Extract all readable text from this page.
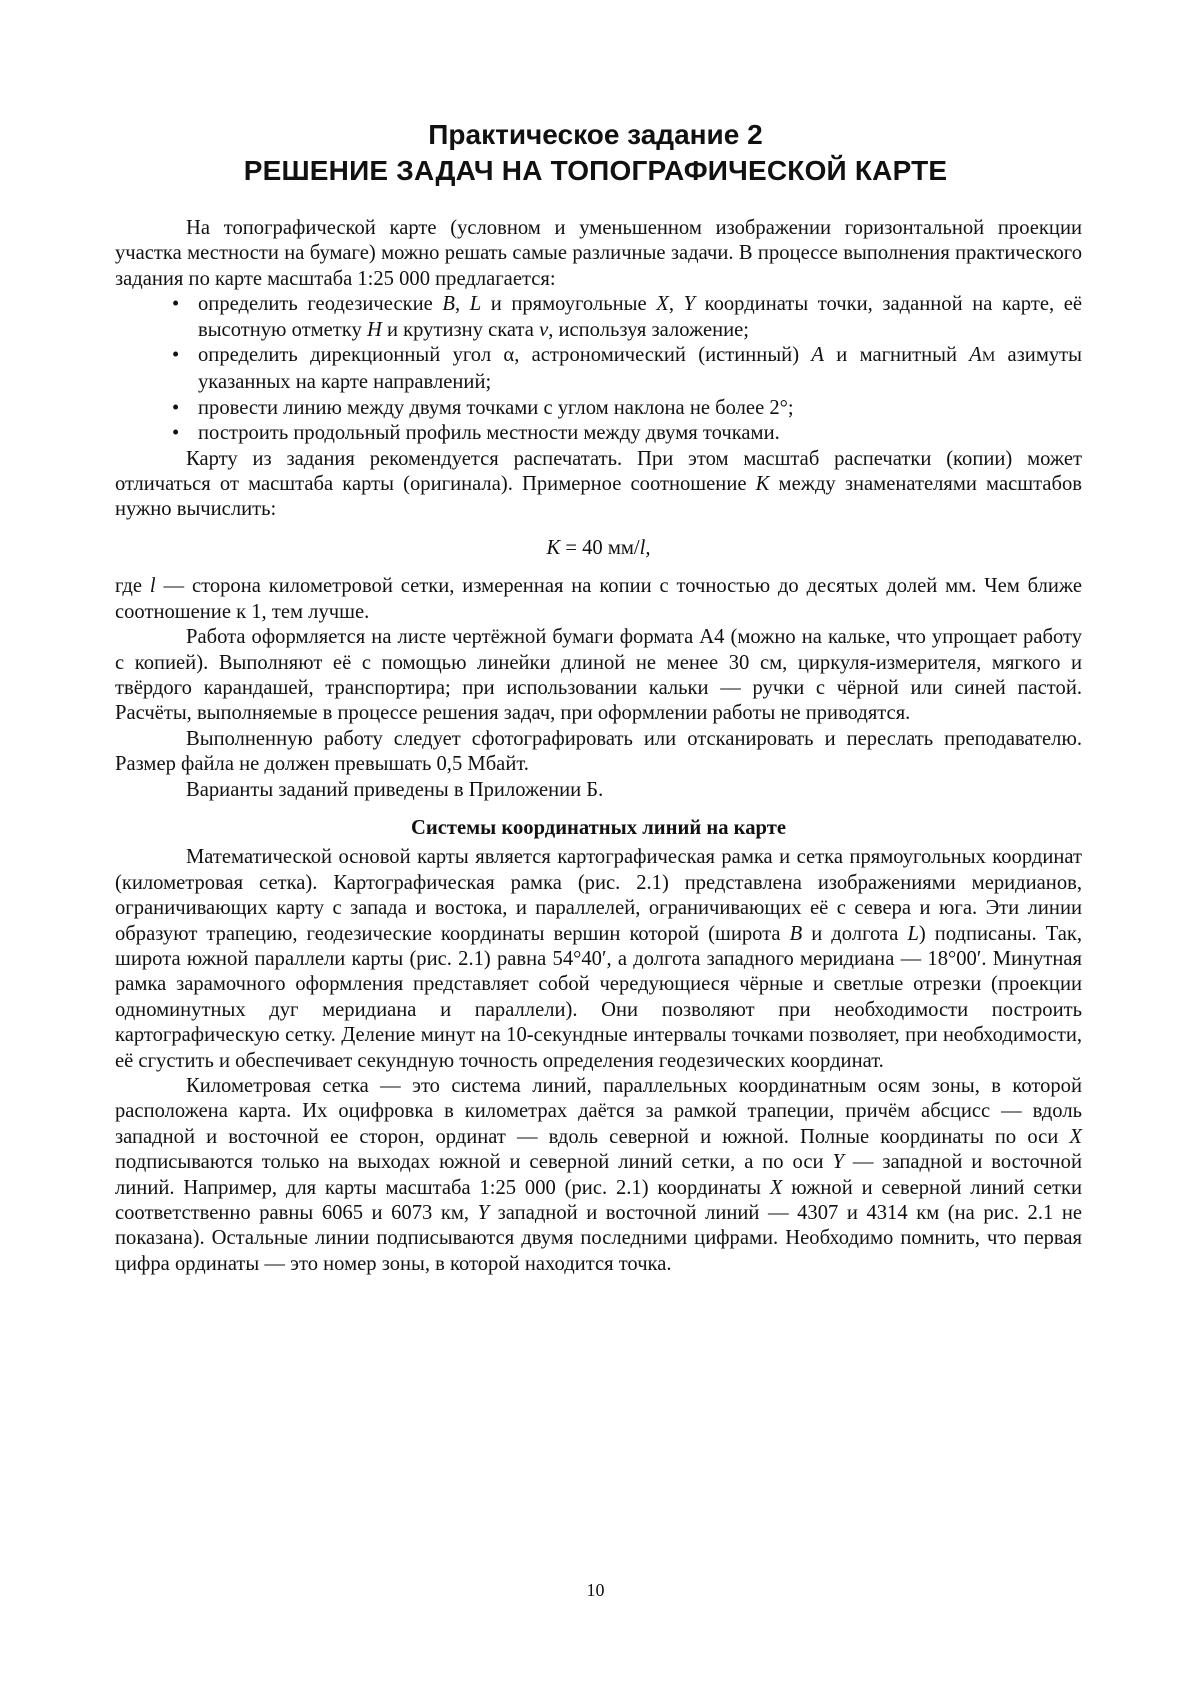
Практическое задание 2
РЕШЕНИЕ ЗАДАЧ НА ТОПОГРАФИЧЕСКОЙ КАРТЕ

На топографической карте (условном и уменьшенном изображении горизонтальной проекции участка местности на бумаге) можно решать самые различные задачи. В процессе выполнения практического задания по карте масштаба 1:25 000 предлагается:

• определить геодезические B, L и прямоугольные X, Y координаты точки, заданной на карте, её высотную отметку H и крутизну ската v, используя заложение;
• определить дирекционный угол α, астрономический (истинный) A и магнитный AM азимуты указанных на карте направлений;
• провести линию между двумя точками с углом наклона не более 2°;
• построить продольный профиль местности между двумя точками.

Карту из задания рекомендуется распечатать. При этом масштаб распечатки (копии) может отличаться от масштаба карты (оригинала). Примерное соотношение K между знаменателями масштабов нужно вычислить:

K = 40 мм/l,

где l — сторона километровой сетки, измеренная на копии с точностью до десятых долей мм. Чем ближе соотношение к 1, тем лучше.

Работа оформляется на листе чертёжной бумаги формата А4 (можно на кальке, что упрощает работу с копией). Выполняют её с помощью линейки длиной не менее 30 см, циркуля-измерителя, мягкого и твёрдого карандашей, транспортира; при использовании кальки — ручки с чёрной или синей пастой. Расчёты, выполняемые в процессе решения задач, при оформлении работы не приводятся.

Выполненную работу следует сфотографировать или отсканировать и переслать преподавателю. Размер файла не должен превышать 0,5 Мбайт.

Варианты заданий приведены в Приложении Б.

Системы координатных линий на карте

Математической основой карты является картографическая рамка и сетка прямоугольных координат (километровая сетка). Картографическая рамка (рис. 2.1) представлена изображениями меридианов, ограничивающих карту с запада и востока, и параллелей, ограничивающих её с севера и юга. Эти линии образуют трапецию, геодезические координаты вершин которой (широта B и долгота L) подписаны. Так, широта южной параллели карты (рис. 2.1) равна 54°40′, а долгота западного меридиана — 18°00′. Минутная рамка зарамочного оформления представляет собой чередующиеся чёрные и светлые отрезки (проекции одноминутных дуг меридиана и параллели). Они позволяют при необходимости построить картографическую сетку. Деление минут на 10-секундные интервалы точками позволяет, при необходимости, её сгустить и обеспечивает секундную точность определения геодезических координат.

Километровая сетка — это система линий, параллельных координатным осям зоны, в которой расположена карта. Их оцифровка в километрах даётся за рамкой трапеции, причём абсцисс — вдоль западной и восточной ее сторон, ординат — вдоль северной и южной. Полные координаты по оси X подписываются только на выходах южной и северной линий сетки, а по оси Y — западной и восточной линий. Например, для карты масштаба 1:25 000 (рис. 2.1) координаты X южной и северной линий сетки соответственно равны 6065 и 6073 км, Y западной и восточной линий — 4307 и 4314 км (на рис. 2.1 не показана). Остальные линии подписываются двумя последними цифрами. Необходимо помнить, что первая цифра ординаты — это номер зоны, в которой находится точка.

10
